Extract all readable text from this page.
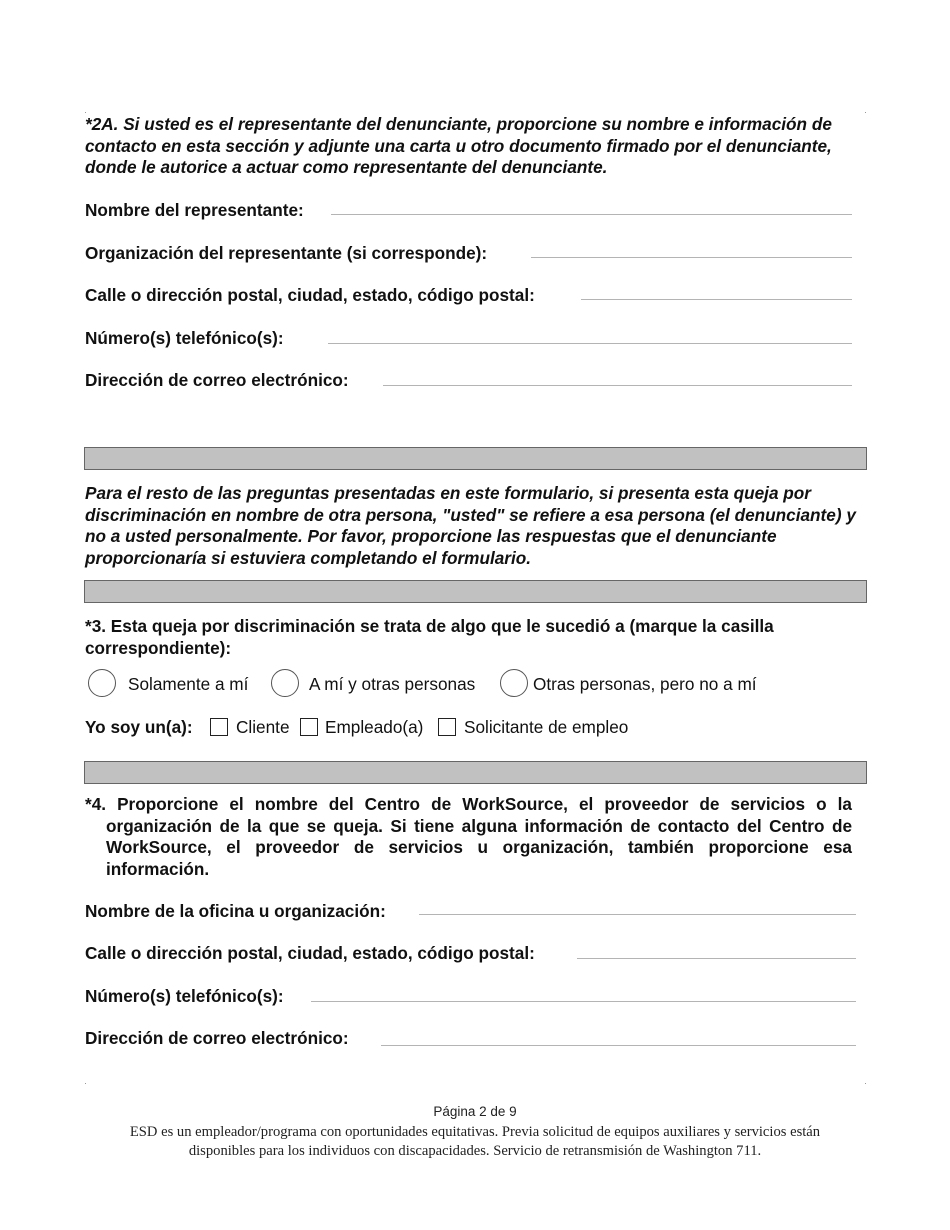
*2A. Si usted es el representante del denunciante, proporcione su nombre e información de contacto en esta sección y adjunte una carta u otro documento firmado por el denunciante, donde le autorice a actuar como representante del denunciante.
Nombre del representante:
Organización del representante (si corresponde):
Calle o dirección postal, ciudad, estado, código postal:
Número(s) telefónico(s):
Dirección de correo electrónico:
Para el resto de las preguntas presentadas en este formulario, si presenta esta queja por discriminación en nombre de otra persona, "usted" se refiere a esa persona (el denunciante) y no a usted personalmente. Por favor, proporcione las respuestas que el denunciante proporcionaría si estuviera completando el formulario.
*3. Esta queja por discriminación se trata de algo que le sucedió a (marque la casilla correspondiente):
Solamente a mí	A mí y otras personas	Otras personas, pero no a mí
Yo soy un(a):	Cliente Empleado(a) Solicitante de empleo
*4. Proporcione el nombre del Centro de WorkSource, el proveedor de servicios o la organización de la que se queja. Si tiene alguna información de contacto del Centro de WorkSource, el proveedor de servicios u organización, también proporcione esa información.
Nombre de la oficina u organización:
Calle o dirección postal, ciudad, estado, código postal:
Número(s) telefónico(s):
Dirección de correo electrónico:
Página 2 de 9
ESD es un empleador/programa con oportunidades equitativas. Previa solicitud de equipos auxiliares y servicios están disponibles para los individuos con discapacidades. Servicio de retransmisión de Washington 711.
